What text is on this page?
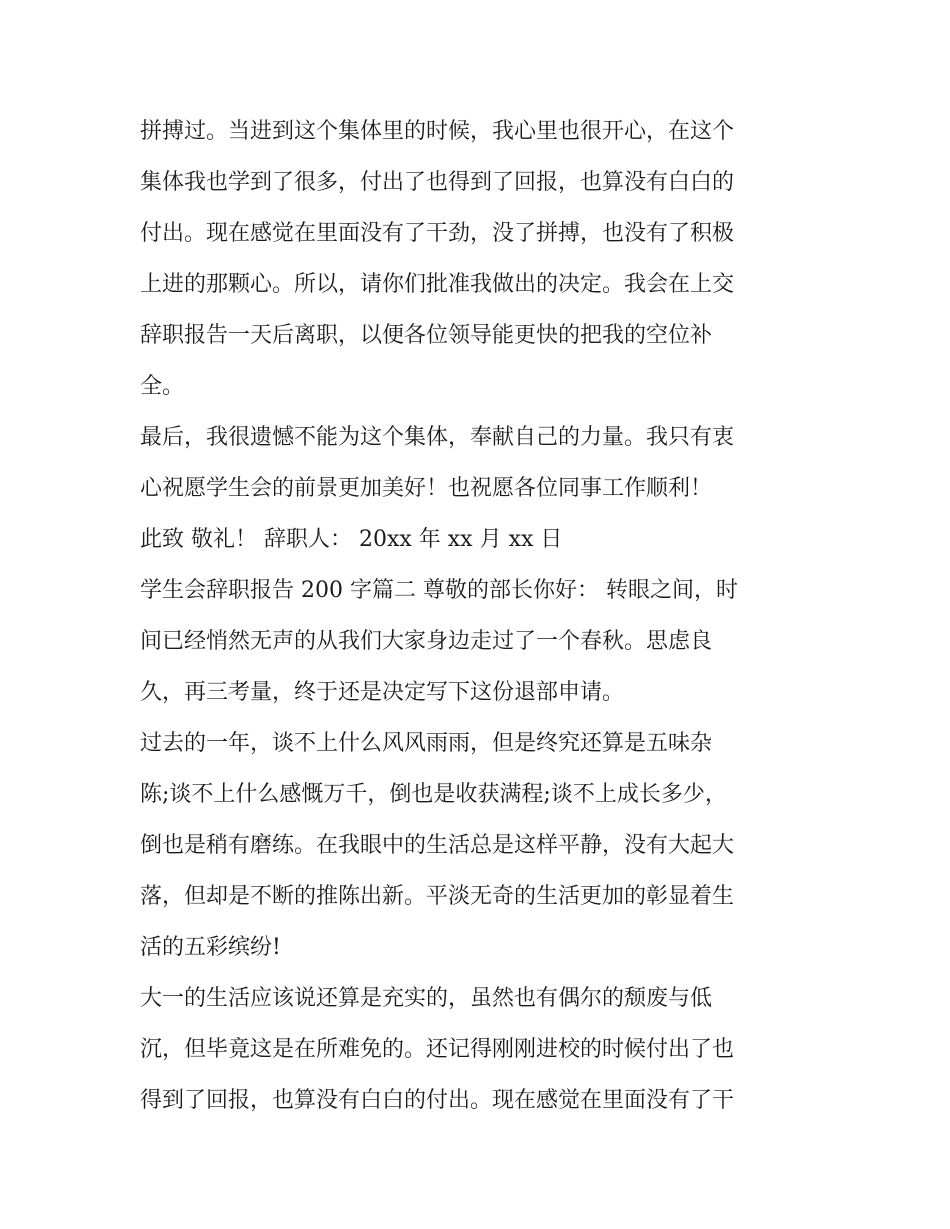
拼搏过。当进到这个集体里的时候，我心里也很开心，在这个
集体我也学到了很多，付出了也得到了回报，也算没有白白的
付出。现在感觉在里面没有了干劲，没了拼搏，也没有了积极
上进的那颗心。所以，请你们批准我做出的决定。我会在上交
辞职报告一天后离职，以便各位领导能更快的把我的空位补
全。
最后，我很遗憾不能为这个集体，奉献自己的力量。我只有衷
心祝愿学生会的前景更加美好！也祝愿各位同事工作顺利！
此致 敬礼！ 辞职人： 20xx 年 xx 月 xx 日
学生会辞职报告 200 字篇二 尊敬的部长你好： 转眼之间，时
间已经悄然无声的从我们大家身边走过了一个春秋。思虑良
久，再三考量，终于还是决定写下这份退部申请。
过去的一年，谈不上什么风风雨雨，但是终究还算是五味杂
陈;谈不上什么感慨万千，倒也是收获满程;谈不上成长多少，
倒也是稍有磨练。在我眼中的生活总是这样平静，没有大起大
落，但却是不断的推陈出新。平淡无奇的生活更加的彰显着生
活的五彩缤纷!
大一的生活应该说还算是充实的，虽然也有偶尔的颓废与低
沉，但毕竟这是在所难免的。还记得刚刚进校的时候付出了也
得到了回报，也算没有白白的付出。现在感觉在里面没有了干
